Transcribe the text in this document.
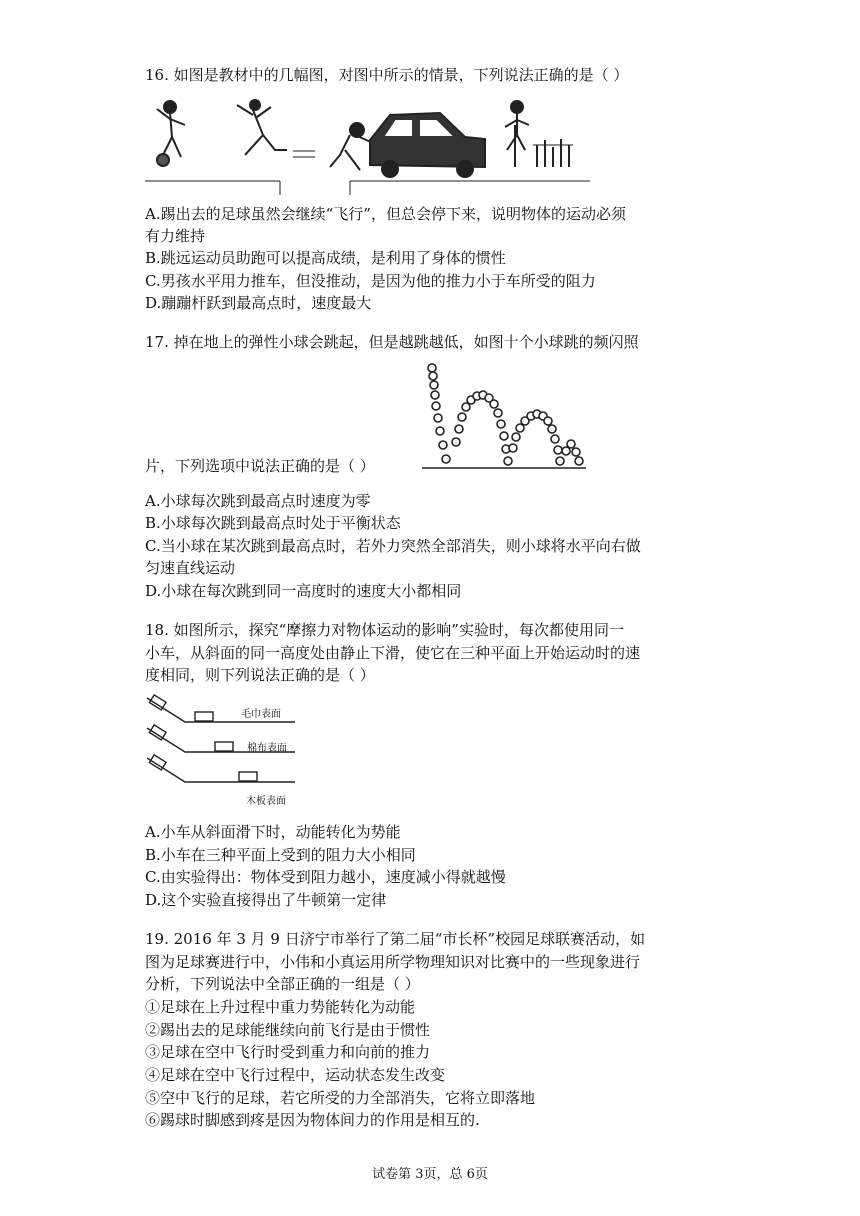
16. 如图是教材中的几幅图，对图中所示的情景，下列说法正确的是（ ）
A.踢出去的足球虽然会继续“飞行”，但总会停下来，说明物体的运动必须
有力维持
B.跳远运动员助跑可以提高成绩，是利用了身体的惯性
C.男孩水平用力推车，但没推动，是因为他的推力小于车所受的阻力
D.蹦蹦杆跃到最高点时，速度最大
17. 掉在地上的弹性小球会跳起，但是越跳越低，如图十个小球跳的频闪照
片，下列选项中说法正确的是（ ）
A.小球每次跳到最高点时速度为零
B.小球每次跳到最高点时处于平衡状态
C.当小球在某次跳到最高点时，若外力突然全部消失，则小球将水平向右做
匀速直线运动
D.小球在每次跳到同一高度时的速度大小都相同
18. 如图所示，探究“摩擦力对物体运动的影响”实验时，每次都使用同一
小车，从斜面的同一高度处由静止下滑，使它在三种平面上开始运动时的速
度相同，则下列说法正确的是（ ）
毛巾表面
棉布表面
木板表面
A.小车从斜面滑下时，动能转化为势能
B.小车在三种平面上受到的阻力大小相同
C.由实验得出：物体受到阻力越小，速度减小得就越慢
D.这个实验直接得出了牛顿第一定律
19. 2016 年 3 月 9 日济宁市举行了第二届“市长杯”校园足球联赛活动，如
图为足球赛进行中，小伟和小真运用所学物理知识对比赛中的一些现象进行
分析，下列说法中全部正确的一组是（ ）
①足球在上升过程中重力势能转化为动能
②踢出去的足球能继续向前飞行是由于惯性
③足球在空中飞行时受到重力和向前的推力
④足球在空中飞行过程中，运动状态发生改变
⑤空中飞行的足球，若它所受的力全部消失，它将立即落地
⑥踢球时脚感到疼是因为物体间力的作用是相互的.
试卷第 3页，总 6页
